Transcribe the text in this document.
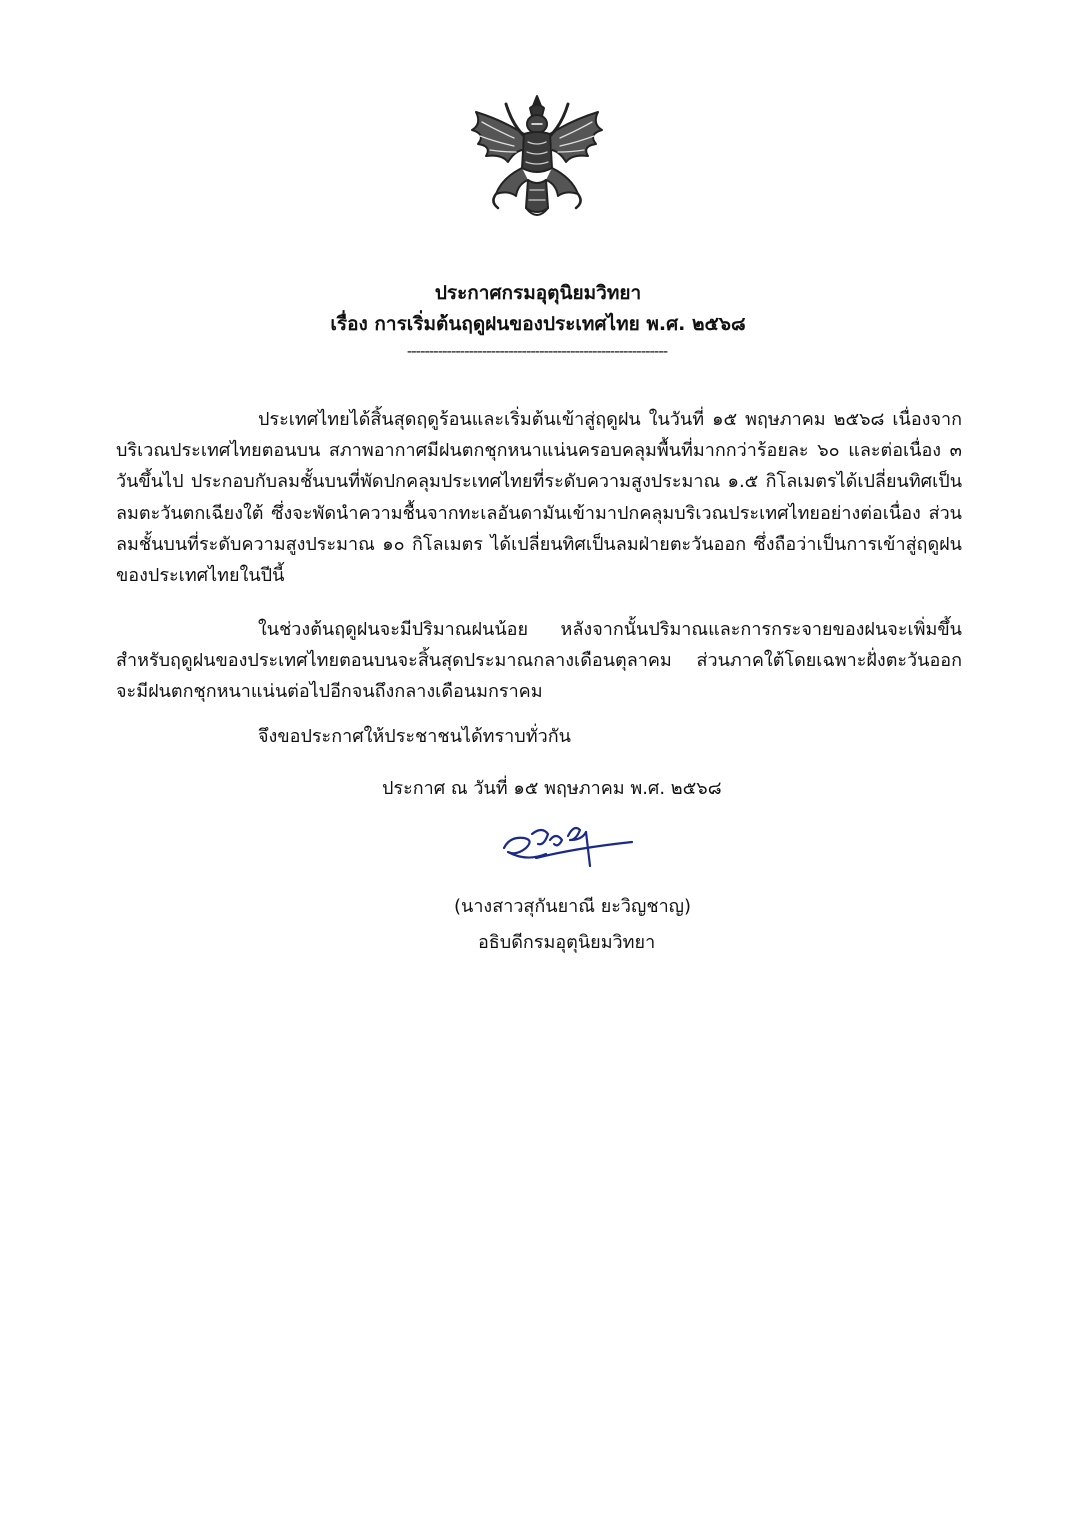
ประกาศกรมอุตุนิยมวิทยา
เรื่อง การเริ่มต้นฤดูฝนของประเทศไทย พ.ศ. ๒๕๖๘
-----------------------------------------------------------

ประเทศไทยได้สิ้นสุดฤดูร้อนและเริ่มต้นเข้าสู่ฤดูฝน ในวันที่ ๑๕ พฤษภาคม ๒๕๖๘ เนื่องจากบริเวณประเทศไทยตอนบน สภาพอากาศมีฝนตกชุกหนาแน่นครอบคลุมพื้นที่มากกว่าร้อยละ ๖๐ และต่อเนื่อง ๓ วันขึ้นไป ประกอบกับลมชั้นบนที่พัดปกคลุมประเทศไทยที่ระดับความสูงประมาณ ๑.๕ กิโลเมตรได้เปลี่ยนทิศเป็นลมตะวันตกเฉียงใต้ ซึ่งจะพัดนำความชื้นจากทะเลอันดามันเข้ามาปกคลุมบริเวณประเทศไทยอย่างต่อเนื่อง ส่วนลมชั้นบนที่ระดับความสูงประมาณ ๑๐ กิโลเมตร ได้เปลี่ยนทิศเป็นลมฝ่ายตะวันออก ซึ่งถือว่าเป็นการเข้าสู่ฤดูฝนของประเทศไทยในปีนี้

ในช่วงต้นฤดูฝนจะมีปริมาณฝนน้อย หลังจากนั้นปริมาณและการกระจายของฝนจะเพิ่มขึ้น สำหรับฤดูฝนของประเทศไทยตอนบนจะสิ้นสุดประมาณกลางเดือนตุลาคม ส่วนภาคใต้โดยเฉพาะฝั่งตะวันออกจะมีฝนตกชุกหนาแน่นต่อไปอีกจนถึงกลางเดือนมกราคม

จึงขอประกาศให้ประชาชนได้ทราบทั่วกัน

ประกาศ ณ วันที่ ๑๕ พฤษภาคม พ.ศ. ๒๕๖๘
(นางสาวสุกันยาณี ยะวิญชาญ)
อธิบดีกรมอุตุนิยมวิทยา
